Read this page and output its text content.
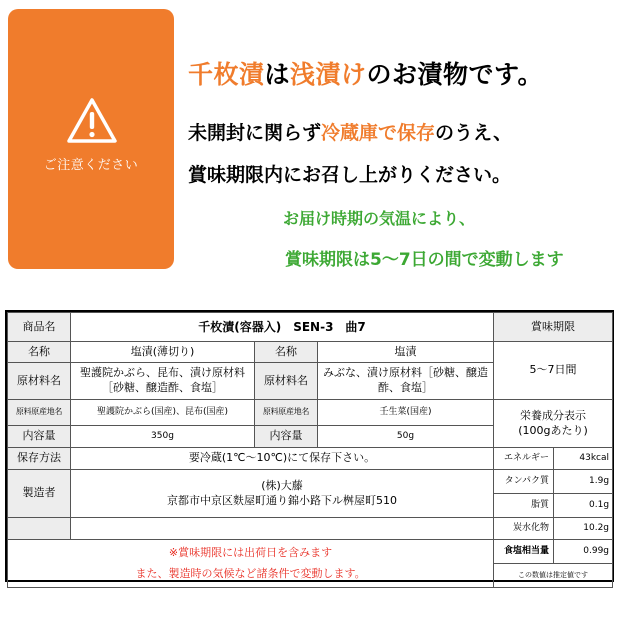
ご注意ください
千枚漬は浅漬けのお漬物です。
未開封に関らず冷蔵庫で保存のうえ、
賞味期限内にお召し上がりください。
お届け時期の気温により、
賞味期限は5～7日の間で変動します
商品名	千枚漬(容器入)　SEN-3　曲7			賞味期限	
名称	塩漬(薄切り)	名称	塩漬	5～7日間	
原材料名	聖護院かぶら、昆布、漬け原材料［砂糖、醸造酢、食塩］	原材料名	みぶな、漬け原材料［砂糖、醸造酢、食塩］		
原料原産地名	聖護院かぶら(国産)、昆布(国産)	原料原産地名	壬生菜(国産)	栄養成分表示
(100gあたり)	
内容量	350g	内容量	50g		
保存方法	要冷蔵(1℃～10℃)にて保存下さい。			エネルギー	43kcal
製造者	(株)大藤
京都市中京区麩屋町通り錦小路下ル桝屋町510			タンパク質	1.9g
				脂質	0.1g
				炭水化物	10.2g
※賞味期限には出荷日を含みます
また、製造時の気候など諸条件で変動します。				食塩相当量	0.99g
				この数値は推定値です	
